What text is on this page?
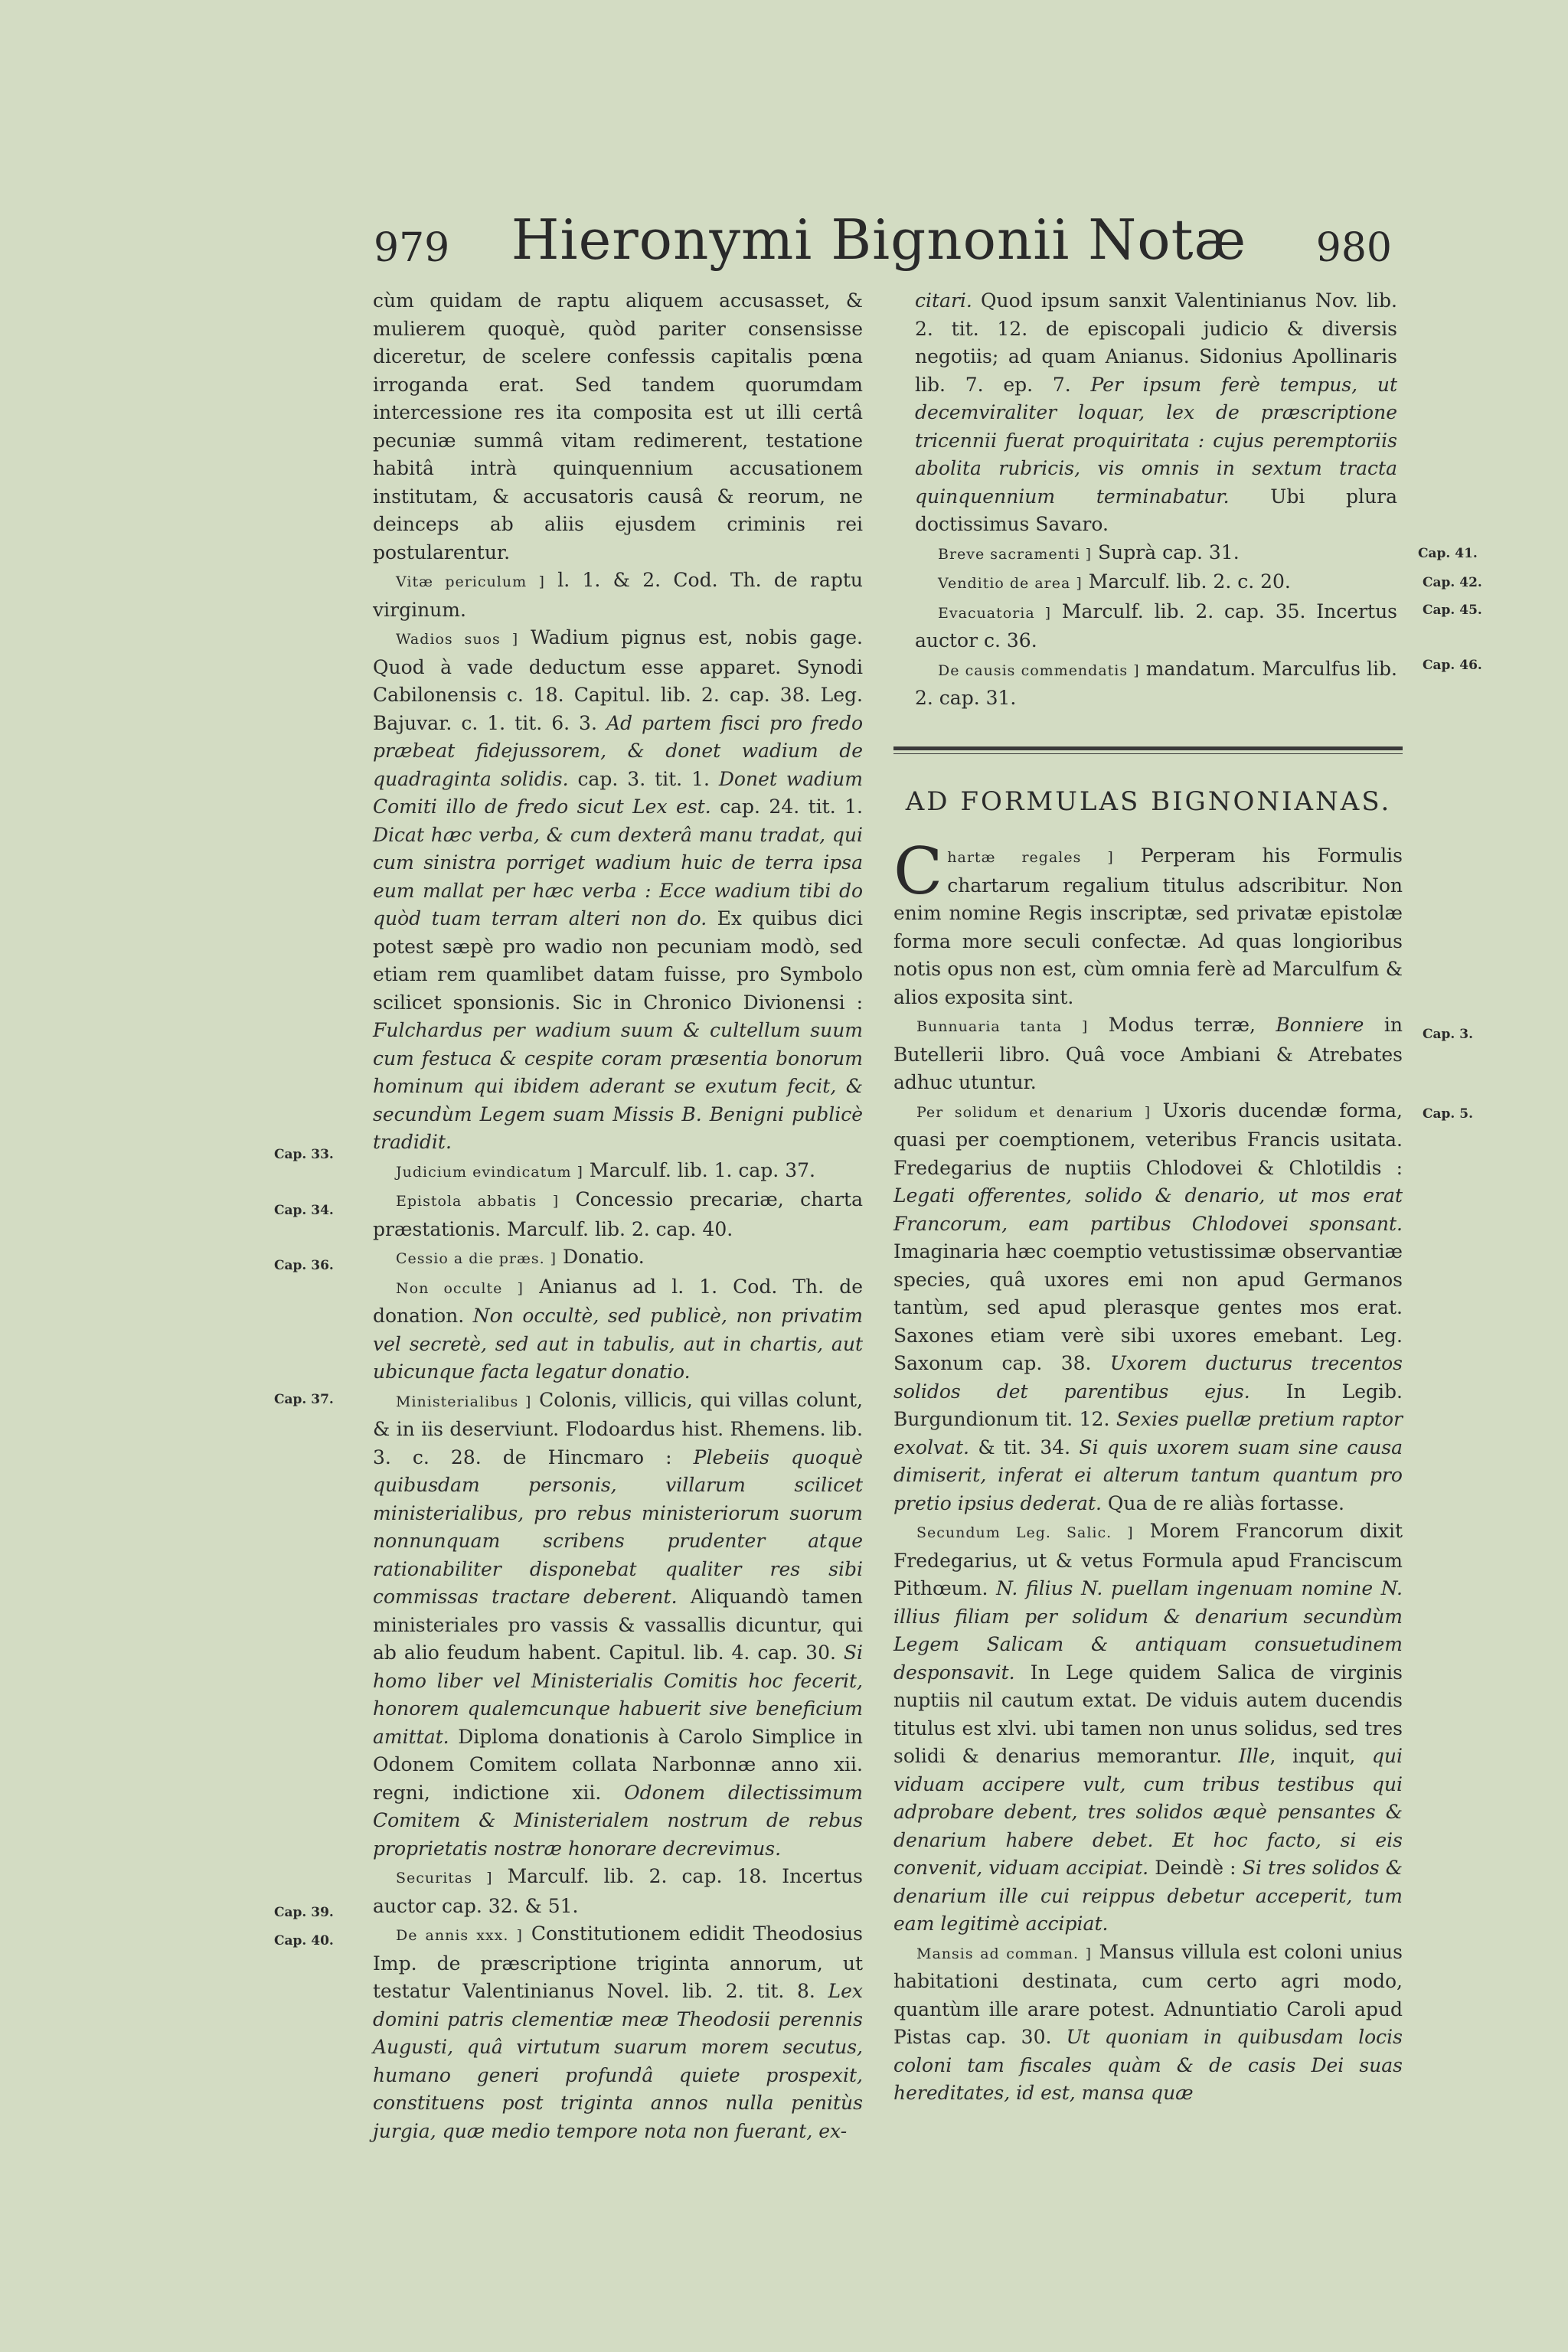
979	Hieronymi Bignonii Notæ	980

cùm quidam de raptu aliquem accusasset, & mulierem quoquè, quòd pariter consensisse diceretur, de scelere confessis capitalis pœna irroganda erat. Sed tandem quorumdam intercessione res ita composita est ut illi certâ pecuniæ summâ vitam redimerent, testatione habitâ intrà quinquennium accusationem institutam, & accusatoris causâ & reorum, ne deinceps ab aliis ejusdem criminis rei postularentur.

Vitæ periculum ] l. 1. & 2. Cod. Th. de raptu virginum.

Wadios suos ] Wadium pignus est, nobis gage. Quod à vade deductum esse apparet. Synodi Cabilonensis c. 18. Capitul. lib. 2. cap. 38. Leg. Bajuvar. c. 1. tit. 6. 3. Ad partem fisci pro fredo præbeat fidejussorem, & donet wadium de quadraginta solidis. cap. 3. tit. 1. Donet wadium Comiti illo de fredo sicut Lex est. cap. 24. tit. 1. Dicat hæc verba, & cum dexterâ manu tradat, qui cum sinistra porriget wadium huic de terra ipsa eum mallat per hæc verba : Ecce wadium tibi do quòd tuam terram alteri non do. Ex quibus dici potest sæpè pro wadio non pecuniam modò, sed etiam rem quamlibet datam fuisse, pro Symbolo scilicet sponsionis. Sic in Chronico Divionensi : Fulchardus per wadium suum & cultellum suum cum festuca & cespite coram præsentia bonorum hominum qui ibidem aderant se exutum fecit, & secundùm Legem suam Missis B. Benigni publicè tradidit.

Judicium evindicatum ] Marculf. lib. 1. cap. 37.

Epistola abbatis ] Concessio precariæ, charta præstationis. Marculf. lib. 2. cap. 40.

Cessio a die præs. ] Donatio.

Non occulte ] Anianus ad l. 1. Cod. Th. de donation. Non occultè, sed publicè, non privatim vel secretè, sed aut in tabulis, aut in chartis, aut ubicunque facta legatur donatio.

Ministerialibus ] Colonis, villicis, qui villas colunt, & in iis deserviunt. Flodoardus hist. Rhemens. lib. 3. c. 28. de Hincmaro : Plebeiis quoquè quibusdam personis, villarum scilicet ministerialibus, pro rebus ministeriorum suorum nonnunquam scribens prudenter atque rationabiliter disponebat qualiter res sibi commissas tractare deberent. Aliquandò tamen ministeriales pro vassis & vassallis dicuntur, qui ab alio feudum habent. Capitul. lib. 4. cap. 30. Si homo liber vel Ministerialis Comitis hoc fecerit, honorem qualemcunque habuerit sive beneficium amittat. Diploma donationis à Carolo Simplice in Odonem Comitem collata Narbonnæ anno xii. regni, indictione xii. Odonem dilectissimum Comitem & Ministerialem nostrum de rebus proprietatis nostræ honorare decrevimus.

Securitas ] Marculf. lib. 2. cap. 18. Incertus auctor cap. 32. & 51.

De annis xxx. ] Constitutionem edidit Theodosius Imp. de præscriptione triginta annorum, ut testatur Valentinianus Novel. lib. 2. tit. 8. Lex domini patris clementiæ meæ Theodosii perennis Augusti, quâ virtutum suarum morem secutus, humano generi profundâ quiete prospexit, constituens post triginta annos nulla penitùs jurgia, quæ medio tempore nota non fuerant, ex-

citari. Quod ipsum sanxit Valentinianus Nov. lib. 2. tit. 12. de episcopali judicio & diversis negotiis; ad quam Anianus. Sidonius Apollinaris lib. 7. ep. 7. Per ipsum ferè tempus, ut decemviraliter loquar, lex de præscriptione tricennii fuerat proquiritata : cujus peremptoriis abolita rubricis, vis omnis in sextum tracta quinquennium terminabatur. Ubi plura doctissimus Savaro.

Breve sacramenti ] Suprà cap. 31.

Venditio de area ] Marculf. lib. 2. c. 20.

Evacuatoria ] Marculf. lib. 2. cap. 35. Incertus auctor c. 36.

De causis commendatis ] mandatum. Marculfus lib. 2. cap. 31.

AD FORMULAS BIGNONIANAS.

Chartæ regales ] Perperam his Formulis chartarum regalium titulus adscribitur. Non enim nomine Regis inscriptæ, sed privatæ epistolæ forma more seculi confectæ. Ad quas longioribus notis opus non est, cùm omnia ferè ad Marculfum & alios exposita sint.

Bunnuaria tanta ] Modus terræ, Bonniere in Butellerii libro. Quâ voce Ambiani & Atrebates adhuc utuntur.

Per solidum et denarium ] Uxoris ducendæ forma, quasi per coemptionem, veteribus Francis usitata. Fredegarius de nuptiis Chlodovei & Chlotildis : Legati offerentes, solido & denario, ut mos erat Francorum, eam partibus Chlodovei sponsant. Imaginaria hæc coemptio vetustissimæ observantiæ species, quâ uxores emi non apud Germanos tantùm, sed apud plerasque gentes mos erat. Saxones etiam verè sibi uxores emebant. Leg. Saxonum cap. 38. Uxorem ducturus trecentos solidos det parentibus ejus. In Legib. Burgundionum tit. 12. Sexies puellæ pretium raptor exolvat. & tit. 34. Si quis uxorem suam sine causa dimiserit, inferat ei alterum tantum quantum pro pretio ipsius dederat. Qua de re aliàs fortasse.

Secundum Leg. Salic. ] Morem Francorum dixit Fredegarius, ut & vetus Formula apud Franciscum Pithœum. N. filius N. puellam ingenuam nomine N. illius filiam per solidum & denarium secundùm Legem Salicam & antiquam consuetudinem desponsavit. In Lege quidem Salica de virginis nuptiis nil cautum extat. De viduis autem ducendis titulus est xlvi. ubi tamen non unus solidus, sed tres solidi & denarius memorantur. Ille, inquit, qui viduam accipere vult, cum tribus testibus qui adprobare debent, tres solidos æquè pensantes & denarium habere debet. Et hoc facto, si eis convenit, viduam accipiat. Deindè : Si tres solidos & denarium ille cui reippus debetur acceperit, tum eam legitimè accipiat.

Mansis ad comman. ] Mansus villula est coloni unius habitationi destinata, cum certo agri modo, quantùm ille arare potest. Adnuntiatio Caroli apud Pistas cap. 30. Ut quoniam in quibusdam locis coloni tam fiscales quàm & de casis Dei suas hereditates, id est, mansa quæ

Cap. 33.
Cap. 34.
Cap. 36.
Cap. 37.
Cap. 39.
Cap. 40.
Cap. 41.
Cap. 42.
Cap. 45.
Cap. 46.
Cap. 3.
Cap. 5.
